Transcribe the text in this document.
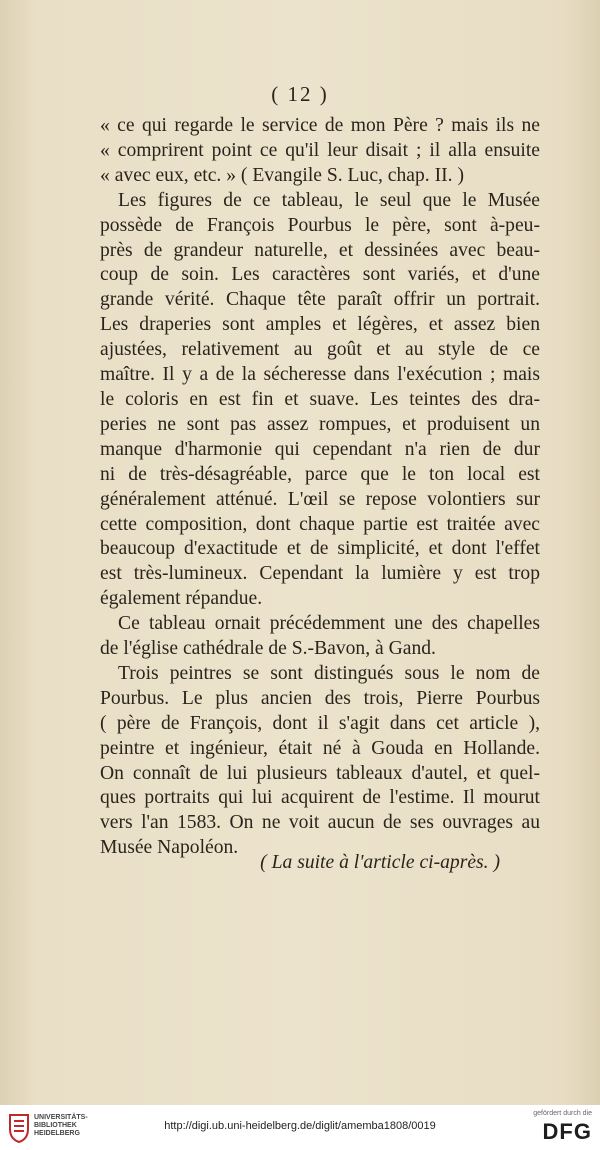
( 12 )
« ce qui regarde le service de mon Père ? mais ils ne
« comprirent point ce qu'il leur disait ; il alla ensuite
« avec eux, etc. » ( Evangile S. Luc, chap. II. )
Les figures de ce tableau, le seul que le Musée
possède de François Pourbus le père, sont à-peu-
près de grandeur naturelle, et dessinées avec beau-
coup de soin. Les caractères sont variés, et d'une
grande vérité. Chaque tête paraît offrir un portrait.
Les draperies sont amples et légères, et assez bien
ajustées, relativement au goût et au style de ce
maître. Il y a de la sécheresse dans l'exécution ; mais
le coloris en est fin et suave. Les teintes des dra-
peries ne sont pas assez rompues, et produisent un
manque d'harmonie qui cependant n'a rien de dur
ni de très-désagréable, parce que le ton local est
généralement atténué. L'œil se repose volontiers sur
cette composition, dont chaque partie est traitée avec
beaucoup d'exactitude et de simplicité, et dont l'effet
est très-lumineux. Cependant la lumière y est trop
également répandue.
Ce tableau ornait précédemment une des chapelles
de l'église cathédrale de S.-Bavon, à Gand.
Trois peintres se sont distingués sous le nom de
Pourbus. Le plus ancien des trois, Pierre Pourbus
( père de François, dont il s'agit dans cet article ),
peintre et ingénieur, était né à Gouda en Hollande.
On connaît de lui plusieurs tableaux d'autel, et quel-
ques portraits qui lui acquirent de l'estime. Il mourut
vers l'an 1583. On ne voit aucun de ses ouvrages au
Musée Napoléon.
( La suite à l'article ci-après. )
UNIVERSITÄTS-
BIBLIOTHEK
HEIDELBERG
http://digi.ub.uni-heidelberg.de/diglit/amemba1808/0019
gefördert durch die
DFG
